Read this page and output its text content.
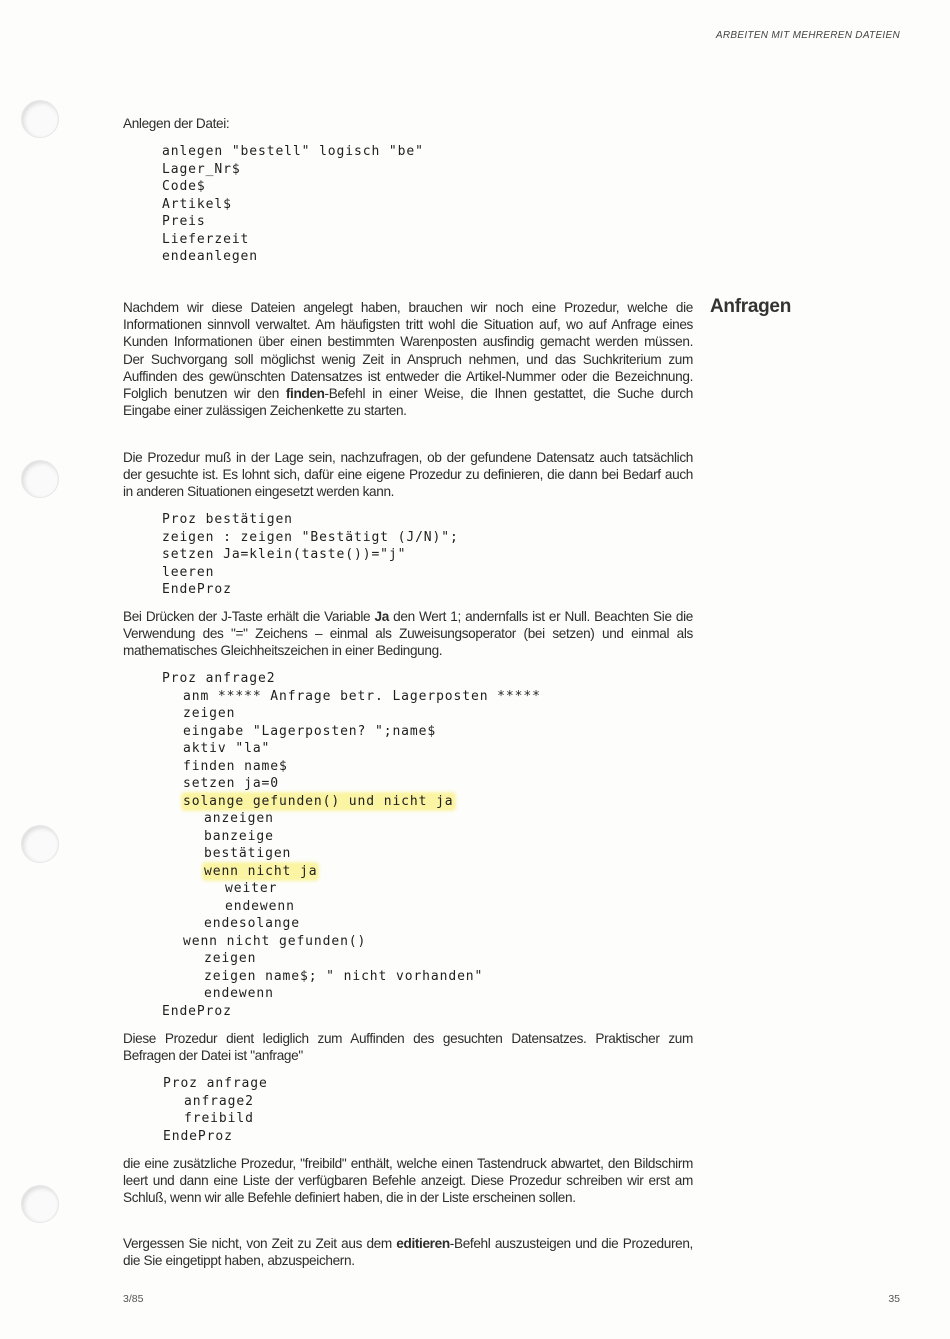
ARBEITEN MIT MEHREREN DATEIEN
Anfragen

Anlegen der Datei:

anlegen "bestell" logisch "be"
Lager_Nr$
Code$
Artikel$
Preis
Lieferzeit
endeanlegen

Nachdem wir diese Dateien angelegt haben, brauchen wir noch eine Prozedur, welche die Informationen sinnvoll verwaltet. Am häufigsten tritt wohl die Situation auf, wo auf Anfrage eines Kunden Informationen über einen bestimmten Warenposten ausfindig gemacht werden müssen. Der Suchvorgang soll möglichst wenig Zeit in Anspruch nehmen, und das Suchkriterium zum Auffinden des gewünschten Datensatzes ist entweder die Artikel-Nummer oder die Bezeichnung. Folglich benutzen wir den finden-Befehl in einer Weise, die Ihnen gestattet, die Suche durch Eingabe einer zulässigen Zeichenkette zu starten.

Die Prozedur muß in der Lage sein, nachzufragen, ob der gefundene Datensatz auch tatsächlich der gesuchte ist. Es lohnt sich, dafür eine eigene Prozedur zu definieren, die dann bei Bedarf auch in anderen Situationen eingesetzt werden kann.

Proz bestätigen
zeigen : zeigen "Bestätigt (J/N)";
setzen Ja=klein(taste())="j"
leeren
EndeProz

Bei Drücken der J-Taste erhält die Variable Ja den Wert 1; andernfalls ist er Null. Beachten Sie die Verwendung des "=" Zeichens – einmal als Zuweisungsoperator (bei setzen) und einmal als mathematisches Gleichheitszeichen in einer Bedingung.

Proz anfrage2
anm ***** Anfrage betr. Lagerposten *****
zeigen
eingabe "Lagerposten? ";name$
aktiv "la"
finden name$
setzen ja=0
solange gefunden() und nicht ja
anzeigen
banzeige
bestätigen
wenn nicht ja
weiter
endewenn
endesolange
wenn nicht gefunden()
zeigen
zeigen name$; " nicht vorhanden"
endewenn
EndeProz

Diese Prozedur dient lediglich zum Auffinden des gesuchten Datensatzes. Praktischer zum Befragen der Datei ist "anfrage"

Proz anfrage
anfrage2
freibild
EndeProz

die eine zusätzliche Prozedur, "freibild" enthält, welche einen Tastendruck abwartet, den Bildschirm leert und dann eine Liste der verfügbaren Befehle anzeigt. Diese Prozedur schreiben wir erst am Schluß, wenn wir alle Befehle definiert haben, die in der Liste erscheinen sollen.

Vergessen Sie nicht, von Zeit zu Zeit aus dem editieren-Befehl auszusteigen und die Prozeduren, die Sie eingetippt haben, abzuspeichern.

3/85	35
